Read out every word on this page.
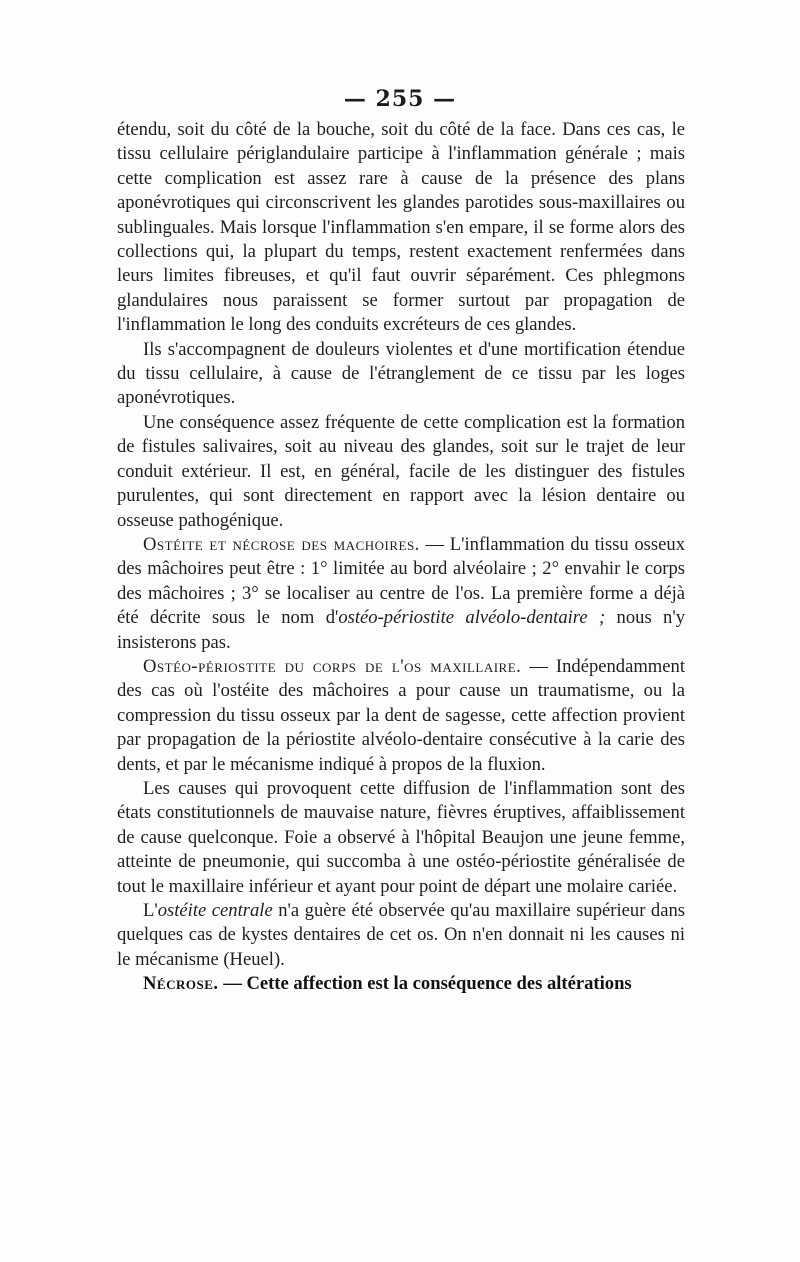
— 255 —

étendu, soit du côté de la bouche, soit du côté de la face. Dans ces cas, le tissu cellulaire périglandulaire participe à l'inflammation générale ; mais cette complication est assez rare à cause de la présence des plans aponévrotiques qui circonscrivent les glandes parotides sous-maxillaires ou sublinguales. Mais lorsque l'inflammation s'en empare, il se forme alors des collections qui, la plupart du temps, restent exactement renfermées dans leurs limites fibreuses, et qu'il faut ouvrir séparément. Ces phlegmons glandulaires nous paraissent se former surtout par propagation de l'inflammation le long des conduits excréteurs de ces glandes.

Ils s'accompagnent de douleurs violentes et d'une mortification étendue du tissu cellulaire, à cause de l'étranglement de ce tissu par les loges aponévrotiques.

Une conséquence assez fréquente de cette complication est la formation de fistules salivaires, soit au niveau des glandes, soit sur le trajet de leur conduit extérieur. Il est, en général, facile de les distinguer des fistules purulentes, qui sont directement en rapport avec la lésion dentaire ou osseuse pathogénique.

Ostéite et nécrose des machoires. — L'inflammation du tissu osseux des mâchoires peut être : 1° limitée au bord alvéolaire ; 2° envahir le corps des mâchoires ; 3° se localiser au centre de l'os. La première forme a déjà été décrite sous le nom d'ostéo-périostite alvéolo-dentaire ; nous n'y insisterons pas.

Ostéo-périostite du corps de l'os maxillaire. — Indépendamment des cas où l'ostéite des mâchoires a pour cause un traumatisme, ou la compression du tissu osseux par la dent de sagesse, cette affection provient par propagation de la périostite alvéolo-dentaire consécutive à la carie des dents, et par le mécanisme indiqué à propos de la fluxion.

Les causes qui provoquent cette diffusion de l'inflammation sont des états constitutionnels de mauvaise nature, fièvres éruptives, affaiblissement de cause quelconque. Foie a observé à l'hôpital Beaujon une jeune femme, atteinte de pneumonie, qui succomba à une ostéo-périostite généralisée de tout le maxillaire inférieur et ayant pour point de départ une molaire cariée.

L'ostéite centrale n'a guère été observée qu'au maxillaire supérieur dans quelques cas de kystes dentaires de cet os. On n'en donnait ni les causes ni le mécanisme (Heuel).

Nécrose. — Cette affection est la conséquence des altérations
